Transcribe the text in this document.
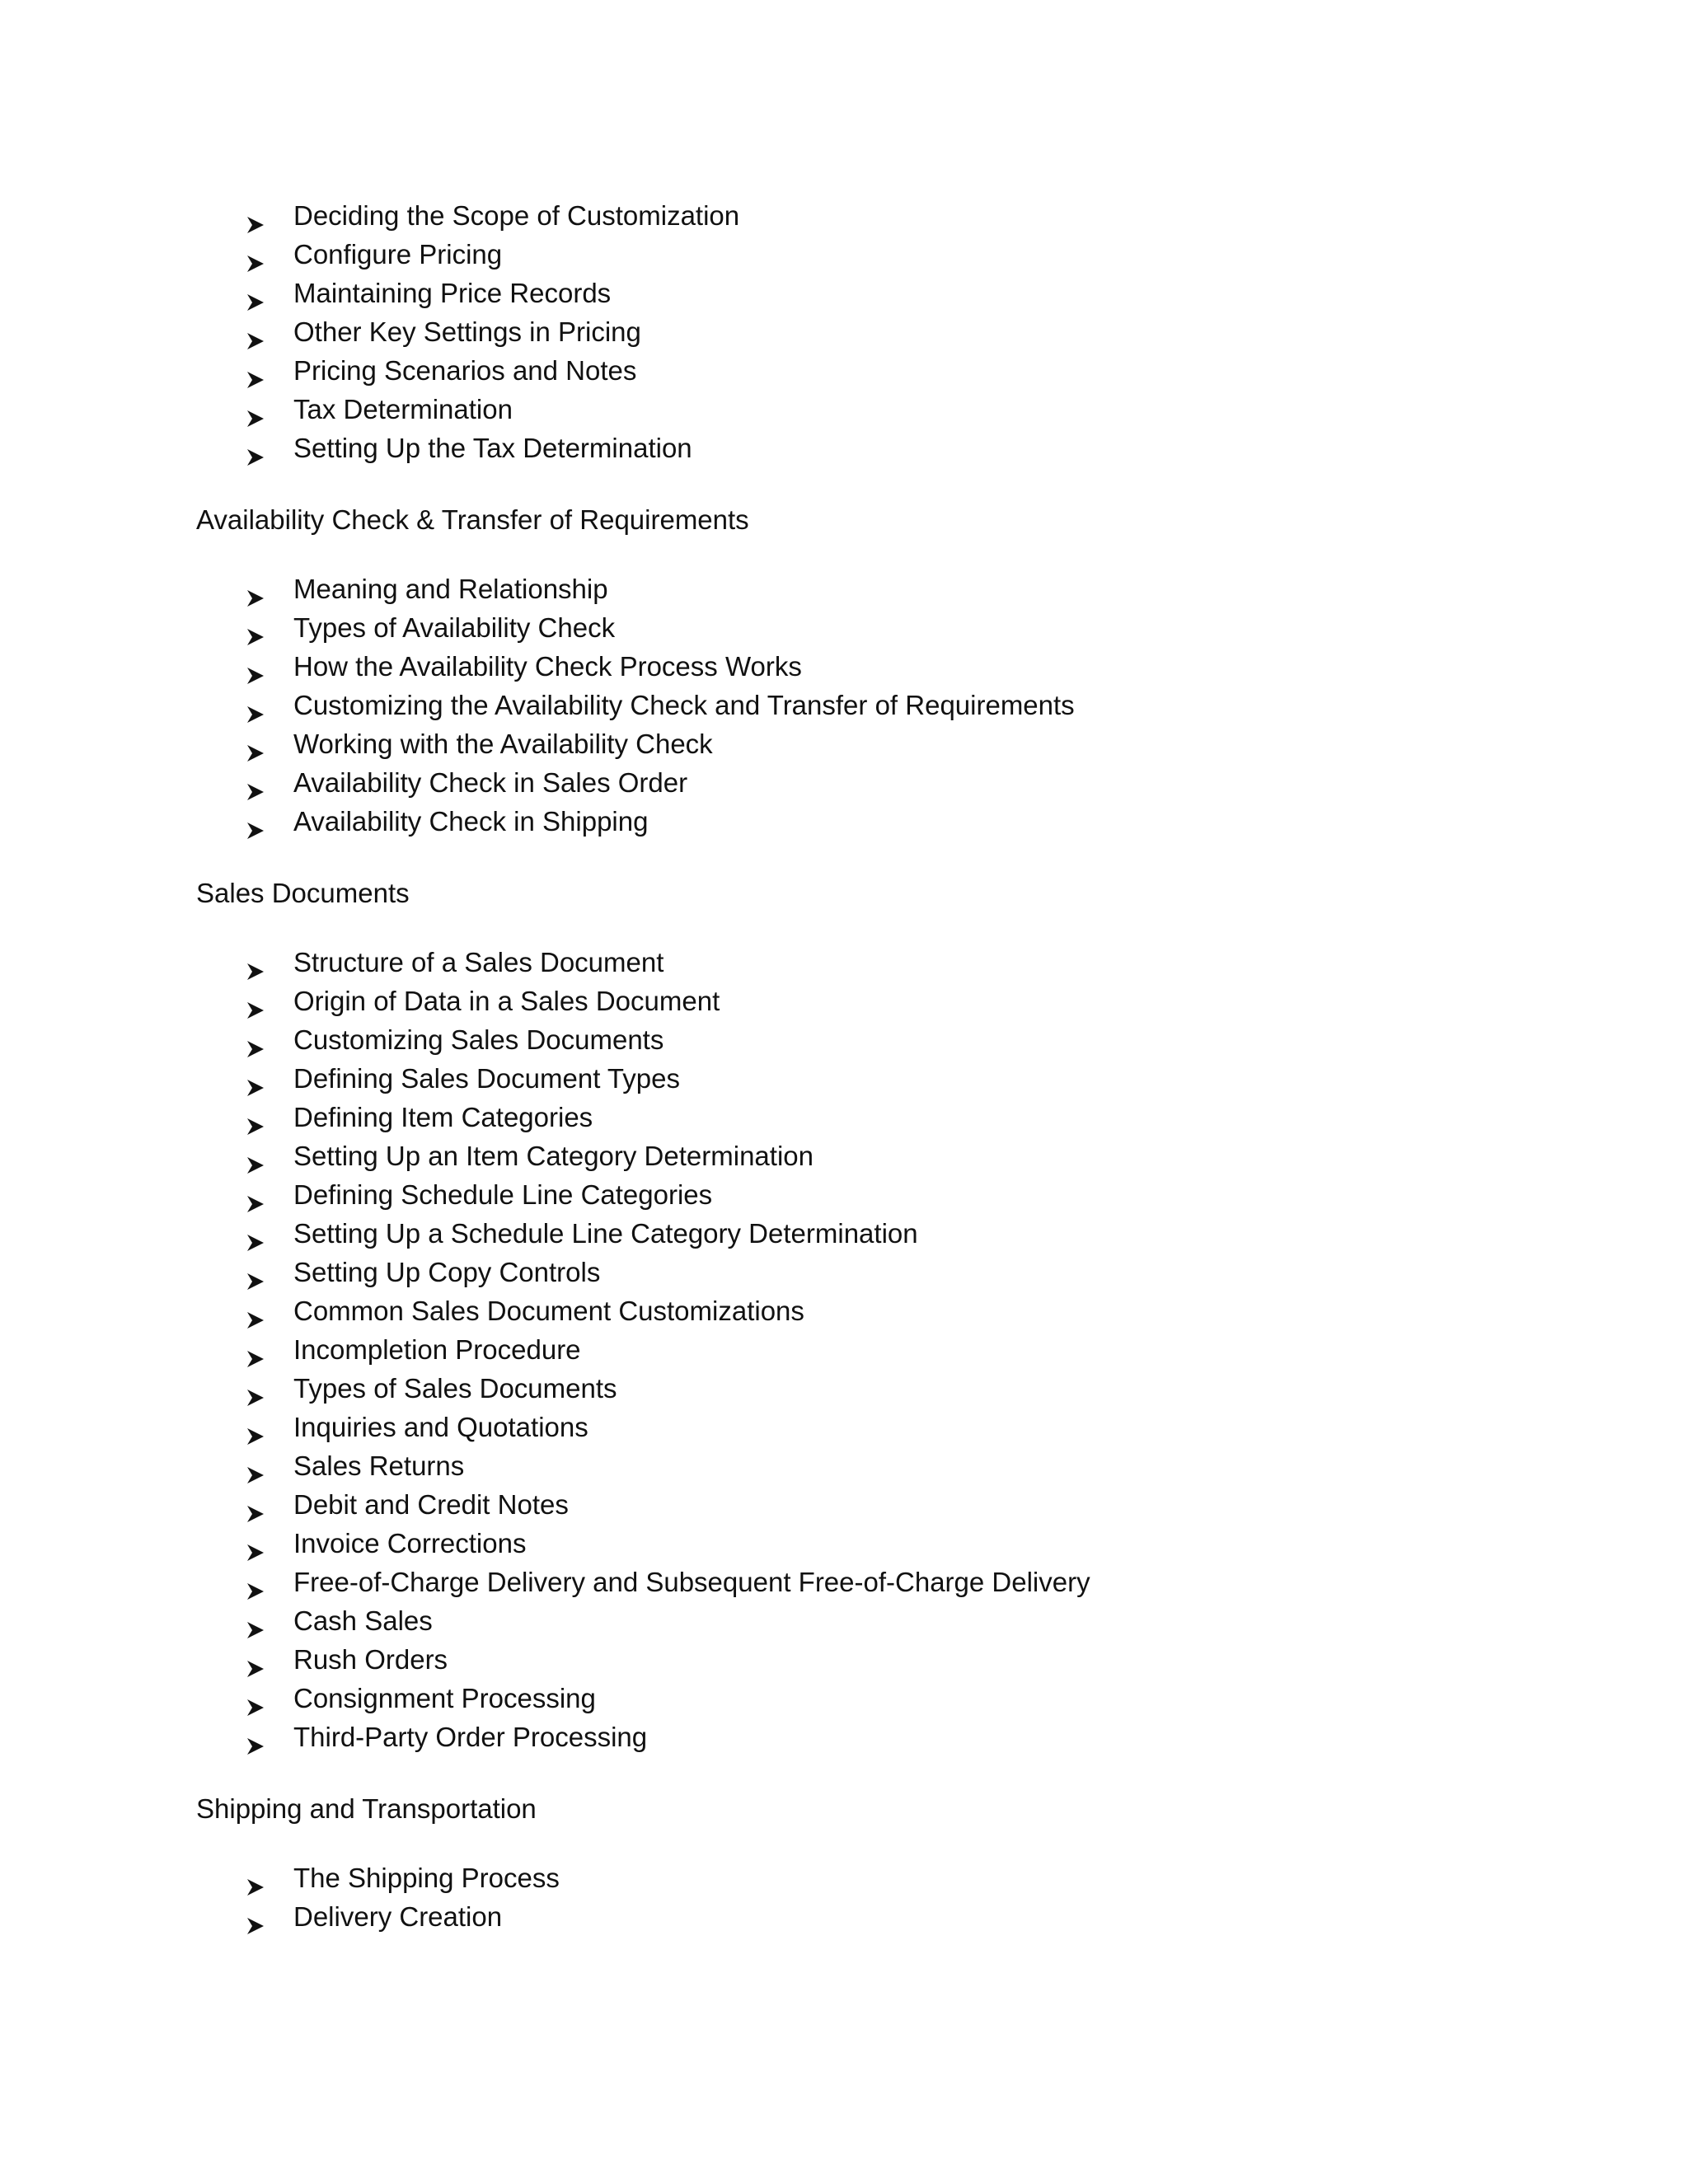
Deciding the Scope of Customization
Configure Pricing
Maintaining Price Records
Other Key Settings in Pricing
Pricing Scenarios and Notes
Tax Determination
Setting Up the Tax Determination
Availability Check & Transfer of Requirements
Meaning and Relationship
Types of Availability Check
How the Availability Check Process Works
Customizing the Availability Check and Transfer of Requirements
Working with the Availability Check
Availability Check in Sales Order
Availability Check in Shipping
Sales Documents
Structure of a Sales Document
Origin of Data in a Sales Document
Customizing Sales Documents
Defining Sales Document Types
Defining Item Categories
Setting Up an Item Category Determination
Defining Schedule Line Categories
Setting Up a Schedule Line Category Determination
Setting Up Copy Controls
Common Sales Document Customizations
Incompletion Procedure
Types of Sales Documents
Inquiries and Quotations
Sales Returns
Debit and Credit Notes
Invoice Corrections
Free-of-Charge Delivery and Subsequent Free-of-Charge Delivery
Cash Sales
Rush Orders
Consignment Processing
Third-Party Order Processing
Shipping and Transportation
The Shipping Process
Delivery Creation
